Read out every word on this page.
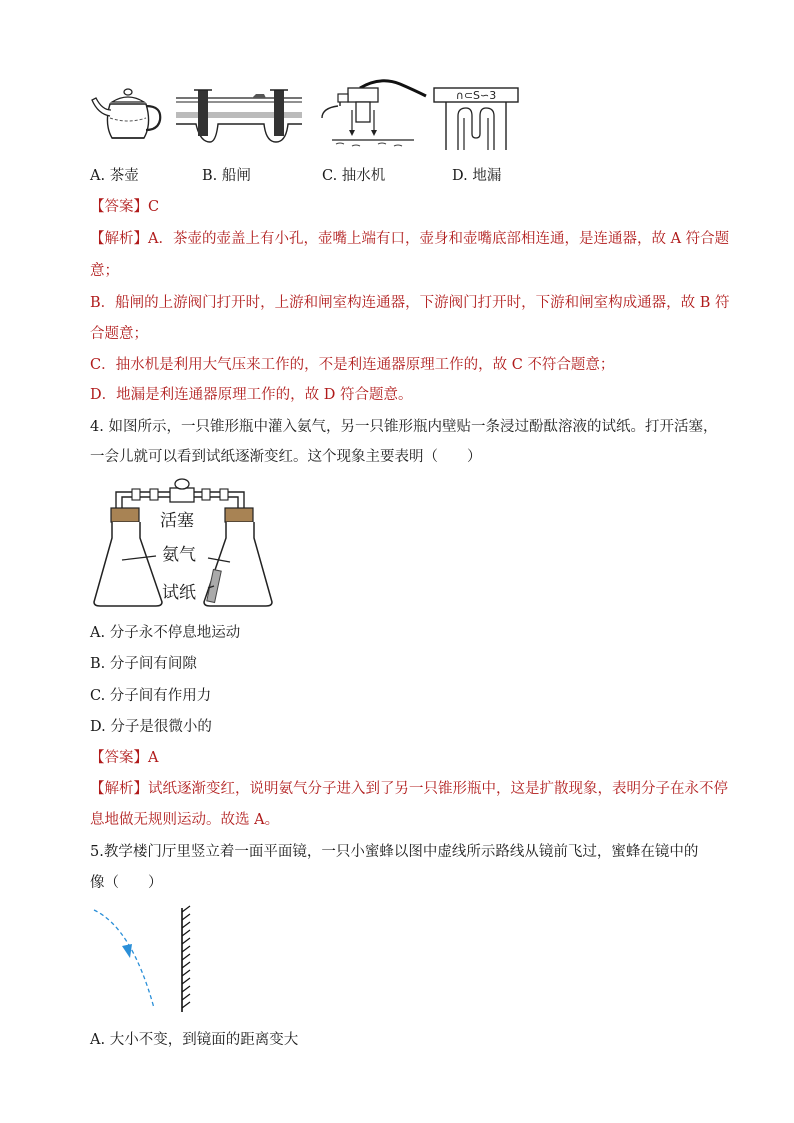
∩⊂S∽3
A. 茶壶	B. 船闸	C. 抽水机	D. 地漏
【答案】C
【解析】A．茶壶的壶盖上有小孔，壶嘴上端有口，壶身和壶嘴底部相连通，是连通器，故 A 符合题
意；
B．船闸的上游阀门打开时，上游和闸室构连通器，下游阀门打开时，下游和闸室构成通器，故 B 符
合题意；
C．抽水机是利用大气压来工作的，不是利连通器原理工作的，故 C 不符合题意；
D．地漏是利连通器原理工作的，故 D 符合题意。
4. 如图所示，一只锥形瓶中灌入氨气，另一只锥形瓶内壁贴一条浸过酚酞溶液的试纸。打开活塞，
一会儿就可以看到试纸逐渐变红。这个现象主要表明（　　）
活塞
氨气
试纸
A. 分子永不停息地运动
B. 分子间有间隙
C. 分子间有作用力
D. 分子是很微小的
【答案】A
【解析】试纸逐渐变红，说明氨气分子进入到了另一只锥形瓶中，这是扩散现象，表明分子在永不停
息地做无规则运动。故选 A。
5.教学楼门厅里竖立着一面平面镜，一只小蜜蜂以图中虚线所示路线从镜前飞过，蜜蜂在镜中的
像（　　）
A. 大小不变，到镜面的距离变大
